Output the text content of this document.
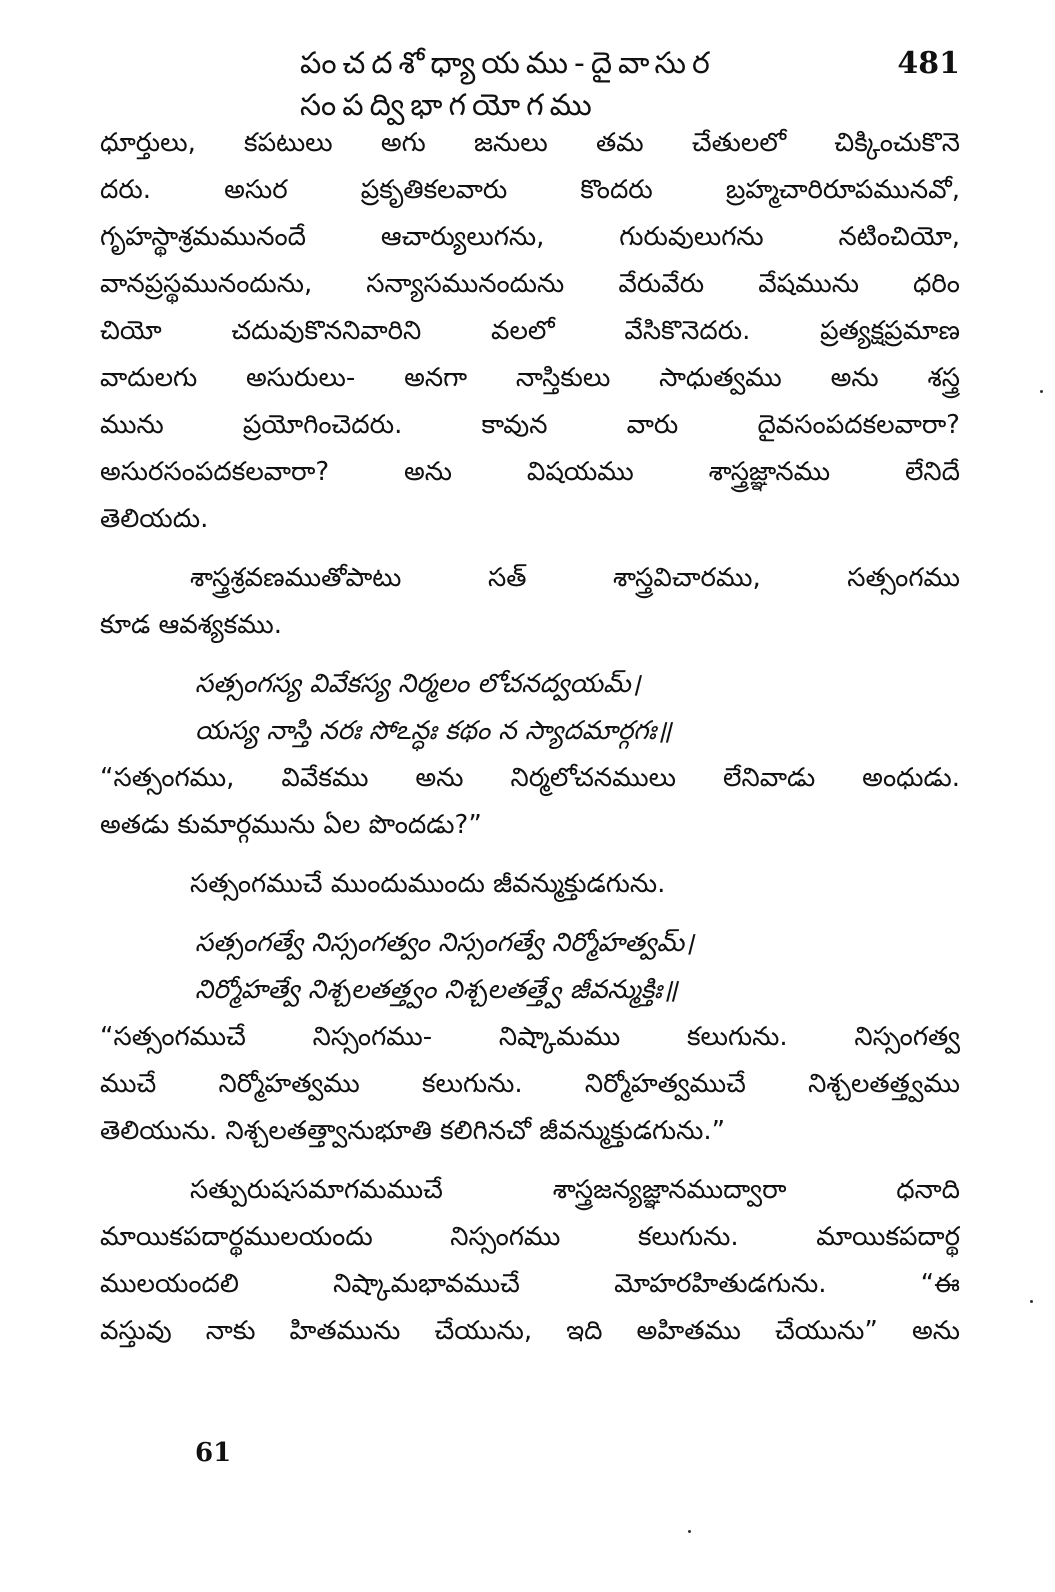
పంచదశోధ్యాయము-దైవాసుర సంపద్విభాగయోగము
481
ధూర్తులు, కపటులు అగు జనులు తమ చేతులలో చిక్కించుకొనె
దరు. అసుర ప్రకృతికలవారు కొందరు బ్రహ్మచారిరూపమునవో,
గృహస్థాశ్రమమునందే ఆచార్యులుగను, గురువులుగను నటించియో,
వానప్రస్థమునందును, సన్యాసమునందును వేరువేరు వేషమును ధరిం
చియో చదువుకొననివారిని వలలో వేసికొనెదరు. ప్రత్యక్షప్రమాణ
వాదులగు అసురులు- అనగా నాస్తికులు సాధుత్వము అను శస్త్ర
మును ప్రయోగించెదరు. కావున వారు దైవసంపదకలవారా?
అసురసంపదకలవారా? అను విషయము శాస్త్రజ్ఞానము లేనిదే
తెలియదు.
శాస్త్రశ్రవణముతోపాటు సత్ శాస్త్రవిచారము, సత్సంగము
కూడ ఆవశ్యకము.
సత్సంగస్య వివేకస్య నిర్మలం లోచనద్వయమ్।
యస్య నాస్తి నరః సోఽన్ధః కథం న స్యాదమార్గగః॥
“సత్సంగము, వివేకము అను నిర్మలోచనములు లేనివాడు అంధుడు.
అతడు కుమార్గమును ఏల పొందడు?”
సత్సంగముచే ముందుముందు జీవన్ముక్తుడగును.
సత్సంగత్వే నిస్సంగత్వం నిస్సంగత్వే నిర్మోహత్వమ్।
నిర్మోహత్వే నిశ్చలతత్త్వం నిశ్చలతత్త్వే జీవన్ముక్తిః॥
“సత్సంగముచే నిస్సంగము- నిష్కామము కలుగును. నిస్సంగత్వ
ముచే నిర్మోహత్వము కలుగును. నిర్మోహత్వముచే నిశ్చలతత్త్వము
తెలియును. నిశ్చలతత్త్వానుభూతి కలిగినచో జీవన్ముక్తుడగును.”
సత్పురుషసమాగమముచే శాస్త్రజన్యజ్ఞానముద్వారా ధనాది
మాయికపదార్థములయందు నిస్సంగము కలుగును. మాయికపదార్థ
ములయందలి నిష్కామభావముచే మోహరహితుడగును. “ఈ
వస్తువు నాకు హితమును చేయును, ఇది అహితము చేయును” అను
61
